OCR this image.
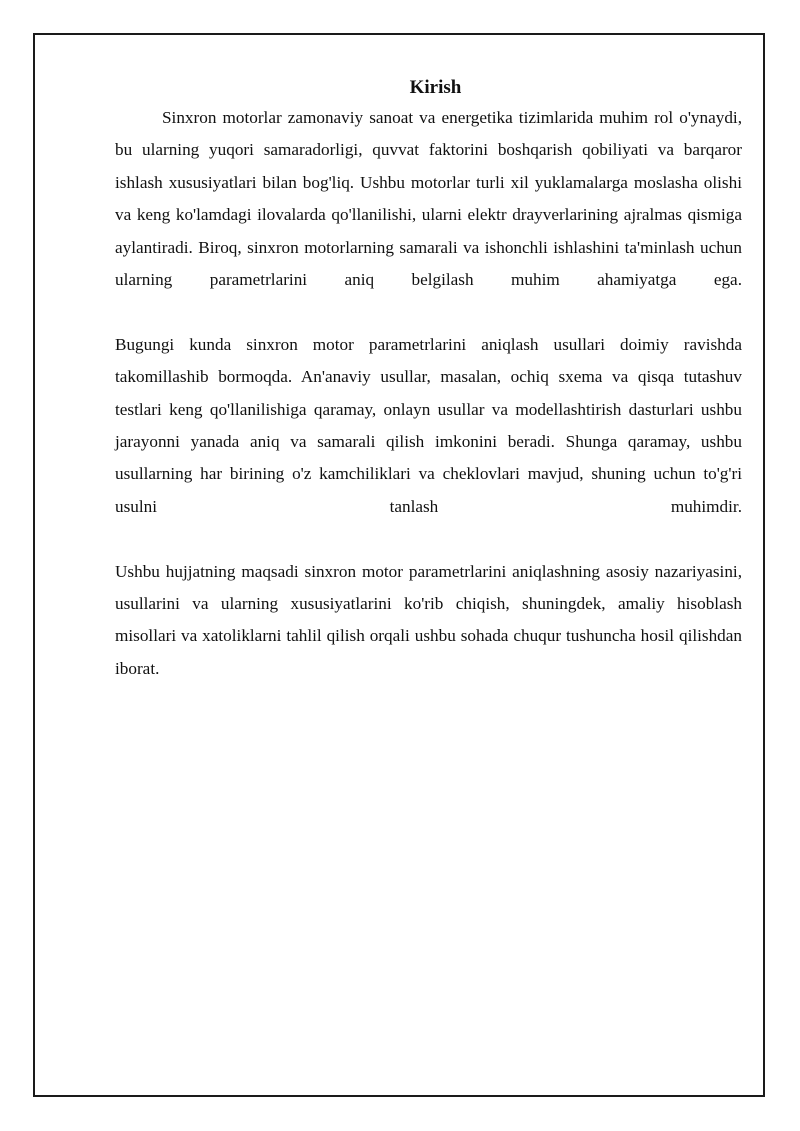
Kirish

Sinxron motorlar zamonaviy sanoat va energetika tizimlarida muhim rol o'ynaydi, bu ularning yuqori samaradorligi, quvvat faktorini boshqarish qobiliyati va barqaror ishlash xususiyatlari bilan bog'liq. Ushbu motorlar turli xil yuklamalarga moslasha olishi va keng ko'lamdagi ilovalarda qo'llanilishi, ularni elektr drayverlarining ajralmas qismiga aylantiradi. Biroq, sinxron motorlarning samarali va ishonchli ishlashini ta'minlash uchun ularning parametrlarini aniq belgilash muhim ahamiyatga ega.

Bugungi kunda sinxron motor parametrlarini aniqlash usullari doimiy ravishda takomillashib bormoqda. An'anaviy usullar, masalan, ochiq sxema va qisqa tutashuv testlari keng qo'llanilishiga qaramay, onlayn usullar va modellashtirish dasturlari ushbu jarayonni yanada aniq va samarali qilish imkonini beradi. Shunga qaramay, ushbu usullarning har birining o'z kamchiliklari va cheklovlari mavjud, shuning uchun to'g'ri usulni tanlash muhimdir.

Ushbu hujjatning maqsadi sinxron motor parametrlarini aniqlashning asosiy nazariyasini, usullarini va ularning xususiyatlarini ko'rib chiqish, shuningdek, amaliy hisoblash misollari va xatoliklarni tahlil qilish orqali ushbu sohada chuqur tushuncha hosil qilishdan iborat.
